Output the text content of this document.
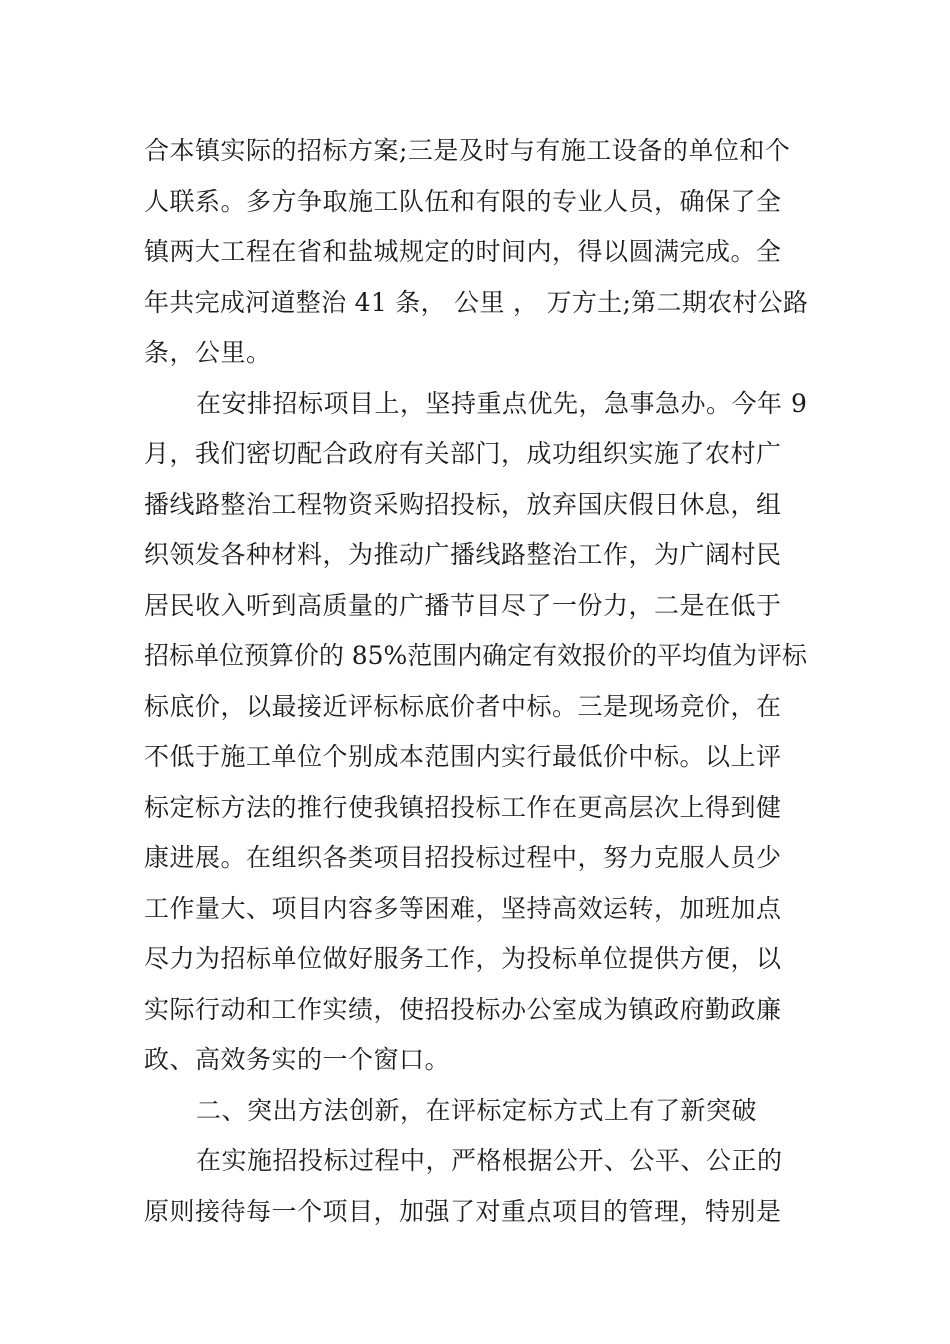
合本镇实际的招标方案;三是及时与有施工设备的单位和个
人联系。多方争取施工队伍和有限的专业人员，确保了全
镇两大工程在省和盐城规定的时间内，得以圆满完成。全
年共完成河道整治 41 条， 公里 ， 万方土;第二期农村公路
条，公里。
在安排招标项目上，坚持重点优先，急事急办。今年 9
月，我们密切配合政府有关部门，成功组织实施了农村广
播线路整治工程物资采购招投标，放弃国庆假日休息，组
织领发各种材料，为推动广播线路整治工作，为广阔村民
居民收入听到高质量的广播节目尽了一份力，二是在低于
招标单位预算价的 85%范围内确定有效报价的平均值为评标
标底价，以最接近评标标底价者中标。三是现场竞价，在
不低于施工单位个别成本范围内实行最低价中标。以上评
标定标方法的推行使我镇招投标工作在更高层次上得到健
康进展。在组织各类项目招投标过程中，努力克服人员少
工作量大、项目内容多等困难，坚持高效运转，加班加点
尽力为招标单位做好服务工作，为投标单位提供方便，以
实际行动和工作实绩，使招投标办公室成为镇政府勤政廉
政、高效务实的一个窗口。
二、突出方法创新，在评标定标方式上有了新突破
在实施招投标过程中，严格根据公开、公平、公正的
原则接待每一个项目，加强了对重点项目的管理，特别是
